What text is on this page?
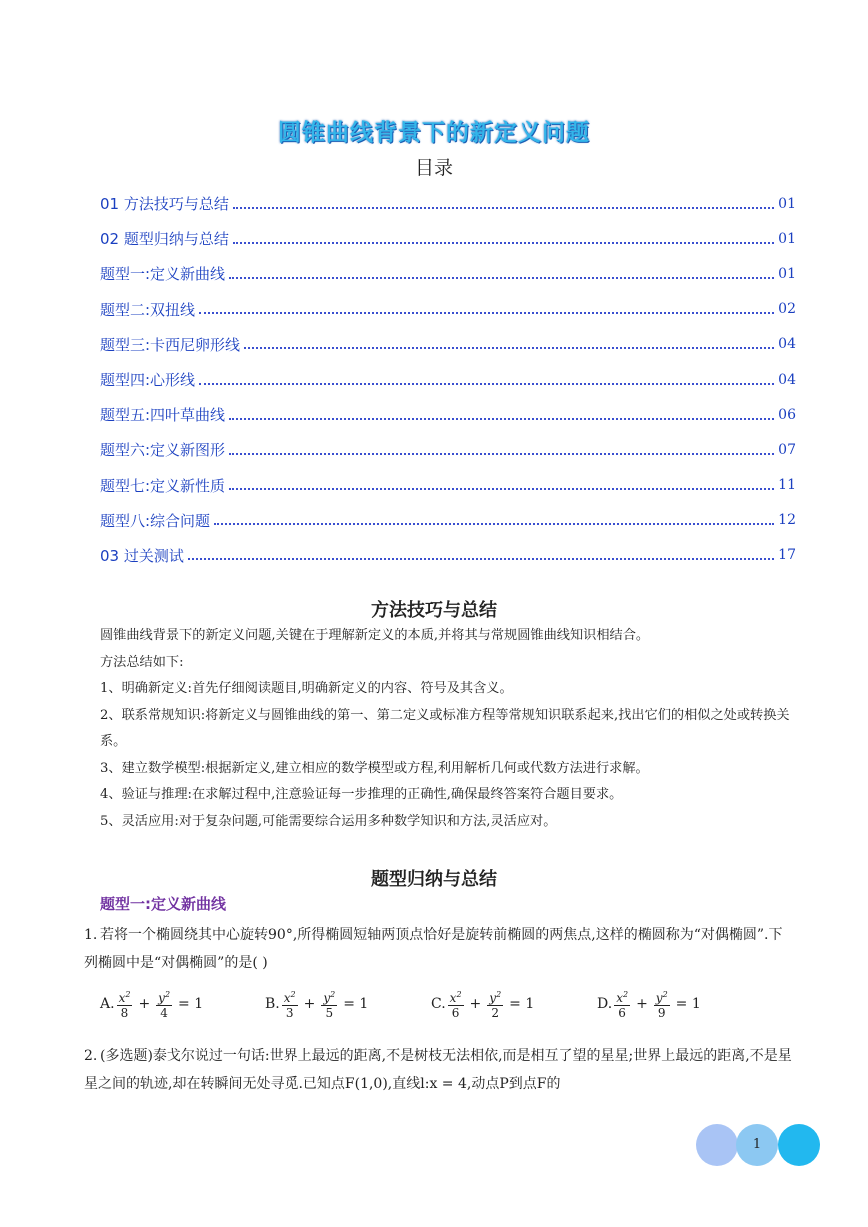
圆锥曲线背景下的新定义问题
目录
01 方法技巧与总结	01
02 题型归纳与总结	01
题型一:定义新曲线	01
题型二:双扭线	02
题型三:卡西尼卵形线	04
题型四:心形线	04
题型五:四叶草曲线	06
题型六:定义新图形	07
题型七:定义新性质	11
题型八:综合问题	12
03 过关测试	17
方法技巧与总结
圆锥曲线背景下的新定义问题,关键在于理解新定义的本质,并将其与常规圆锥曲线知识相结合。
方法总结如下:
1、明确新定义:首先仔细阅读题目,明确新定义的内容、符号及其含义。
2、联系常规知识:将新定义与圆锥曲线的第一、第二定义或标准方程等常规知识联系起来,找出它们的相似之处或转换关系。
3、建立数学模型:根据新定义,建立相应的数学模型或方程,利用解析几何或代数方法进行求解。
4、验证与推理:在求解过程中,注意验证每一步推理的正确性,确保最终答案符合题目要求。
5、灵活应用:对于复杂问题,可能需要综合运用多种数学知识和方法,灵活应对。
题型归纳与总结
题型一:定义新曲线
1. 若将一个椭圆绕其中心旋转90°,所得椭圆短轴两顶点恰好是旋转前椭圆的两焦点,这样的椭圆称为“对偶椭圆”.下列椭圆中是“对偶椭圆”的是( )
A. $\frac{x^2}{8} + \frac{y^2}{4} = 1$	B. $\frac{x^2}{3} + \frac{y^2}{5} = 1$	C. $\frac{x^2}{6} + \frac{y^2}{2} = 1$	D. $\frac{x^2}{6} + \frac{y^2}{9} = 1$
2. (多选题)泰戈尔说过一句话:世界上最远的距离,不是树枝无法相依,而是相互了望的星星;世界上最远的距离,不是星星之间的轨迹,却在转瞬间无处寻觅.已知点F(1,0),直线l:x = 4,动点P到点F的
1
